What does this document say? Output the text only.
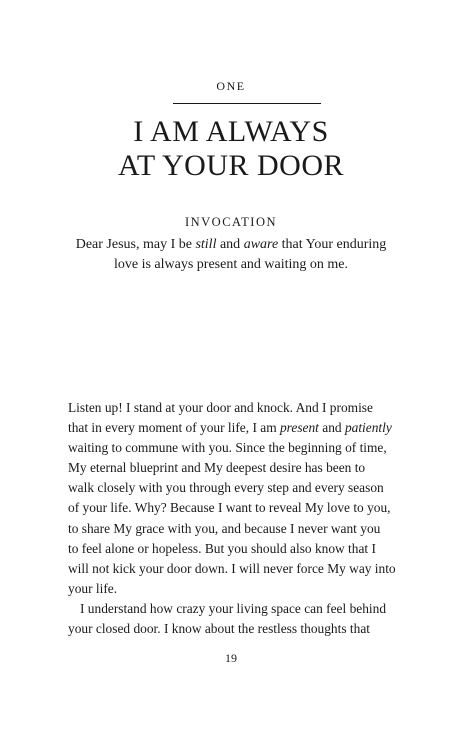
ONE
I AM ALWAYS
AT YOUR DOOR
INVOCATION
Dear Jesus, may I be still and aware that Your enduring
love is always present and waiting on me.
Listen up! I stand at your door and knock. And I promise
that in every moment of your life, I am present and patiently
waiting to commune with you. Since the beginning of time,
My eternal blueprint and My deepest desire has been to
walk closely with you through every step and every season
of your life. Why? Because I want to reveal My love to you,
to share My grace with you, and because I never want you
to feel alone or hopeless. But you should also know that I
will not kick your door down. I will never force My way into
your life.
I understand how crazy your living space can feel behind
your closed door. I know about the restless thoughts that
19
